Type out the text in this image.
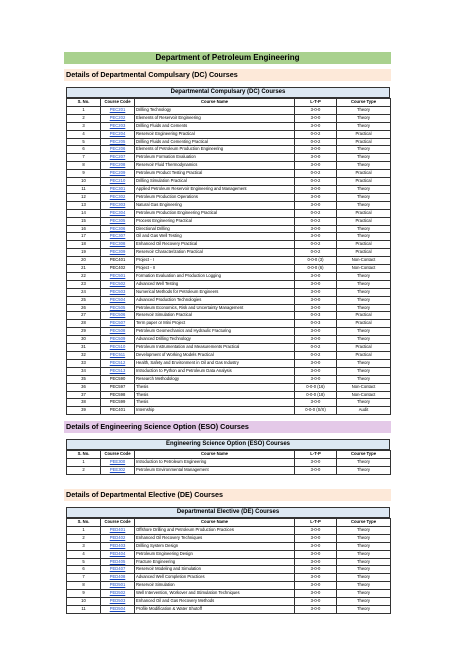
Department of Petroleum Engineering
Details of Departmental Compulsary (DC) Courses
Departmental Compulsary (DC) Courses
S. No.	Course Code	Course Name	L-T-P	Course Type
1	PEC201	Drilling Technology	3-0-0	Theory
2	PEC202	Elements of Reservoir Engineering	3-0-0	Theory
3	PEC203	Drilling Fluids and Cements	3-0-0	Theory
4	PEC204	Reservoir Engineering Practical	0-0-2	Practical
5	PEC205	Drilling Fluids and Cementing Practical	0-0-2	Practical
6	PEC206	Elements of Petroleum Production Engineering	3-0-0	Theory
7	PEC207	Petroleum Formation Evaluation	3-0-0	Theory
8	PEC208	Reservoir Fluid Thermodynamics	3-0-0	Theory
9	PEC209	Petroleum Product Testing Practical	0-0-2	Practical
10	PEC210	Drilling Simulation Practical	0-0-2	Practical
11	PEC301	Applied Petroleum Reservoir Engineering and Management	3-0-0	Theory
12	PEC302	Petroleum Production Operations	3-0-0	Theory
13	PEC303	Natural Gas Engineering	3-0-0	Theory
14	PEC304	Petroleum Production Engineering Practical	0-0-2	Practical
15	PEC305	Process Engineering Practical	0-0-2	Practical
16	PEC306	Directional Drilling	3-0-0	Theory
17	PEC307	Oil and Gas Well Testing	3-0-0	Theory
18	PEC308	Enhanced Oil Recovery Practical	0-0-2	Practical
19	PEC309	Reservoir Characterization Practical	0-0-2	Practical
20	PEC401	Project - I	0-0-0 (3)	Non-Contact
21	PEC402	Project - II	0-0-0 (6)	Non-Contact
22	PEC501	Formation Evaluation and Production Logging	3-0-0	Theory
23	PEC502	Advanced Well Testing	3-0-0	Theory
24	PEC503	Numerical Methods for Petroleum Engineers	3-0-0	Theory
25	PEC504	Advanced Production Technologies	3-0-0	Theory
26	PEC505	Petroleum Economics, Risk and Uncertainty Management	3-0-0	Theory
27	PEC506	Reservoir Simulation Practical	0-0-3	Practical
28	PEC507	Term paper or Mini Project	0-0-3	Practical
29	PEC508	Petroleum Geomechanics and Hydraulic Fracturing	3-0-0	Theory
30	PEC509	Advanced Drilling Technology	3-0-0	Theory
31	PEC510	Petroleum Instrumentation and Measurements Practical	0-0-2	Practical
32	PEC511	Development of Working Models Practical	0-0-2	Practical
33	PEC512	Health, Safety and Environment in Oil and Gas Industry	3-0-0	Theory
34	PEC513	Introduction to Python and Petroleum Data Analysis	3-0-0	Theory
35	PEC590	Research Methodology	3-0-0	Theory
36	PEC597	Thesis	0-0-0 (16)	Non-Contact
37	PEC598	Thesis	0-0-0 (18)	Non-Contact
38	PEC599	Thesis	3-0-0	Theory
39	PEC401	Internship	0-0-0 (S/X)	Audit
Details of Engineering Science Option (ESO) Courses
Engineering Science Option (ESO) Courses
S. No.	Course Code	Course Name	L-T-P	Course Type
1	PEE300	Introduction to Petroleum Engineering	3-0-0	Theory
2	PEE302	Petroleum Environmental Management	3-0-0	Theory
Details of Departmental Elective (DE) Courses
Departmental Elective (DE) Courses
S. No.	Course Code	Course Name	L-T-P	Course Type
1	PED401	Offshore Drilling and Petroleum Production Practices	3-0-0	Theory
2	PED402	Enhanced Oil Recovery Techniques	3-0-0	Theory
3	PED403	Drilling System Design	3-0-0	Theory
4	PED404	Petroleum Engineering Design	3-0-0	Theory
5	PED405	Fracture Engineering	3-0-0	Theory
6	PED407	Reservoir Modeling and Simulation	3-0-0	Theory
7	PED408	Advanced Well Completion Practices	3-0-0	Theory
8	PED501	Reservoir Simulation	3-0-0	Theory
9	PED502	Well Intervention, Workover and Stimulation Techniques	3-0-0	Theory
10	PED503	Enhanced Oil and Gas Recovery Methods	3-0-0	Theory
11	PED504	Profile Modification & Water Shutoff	3-0-0	Theory
